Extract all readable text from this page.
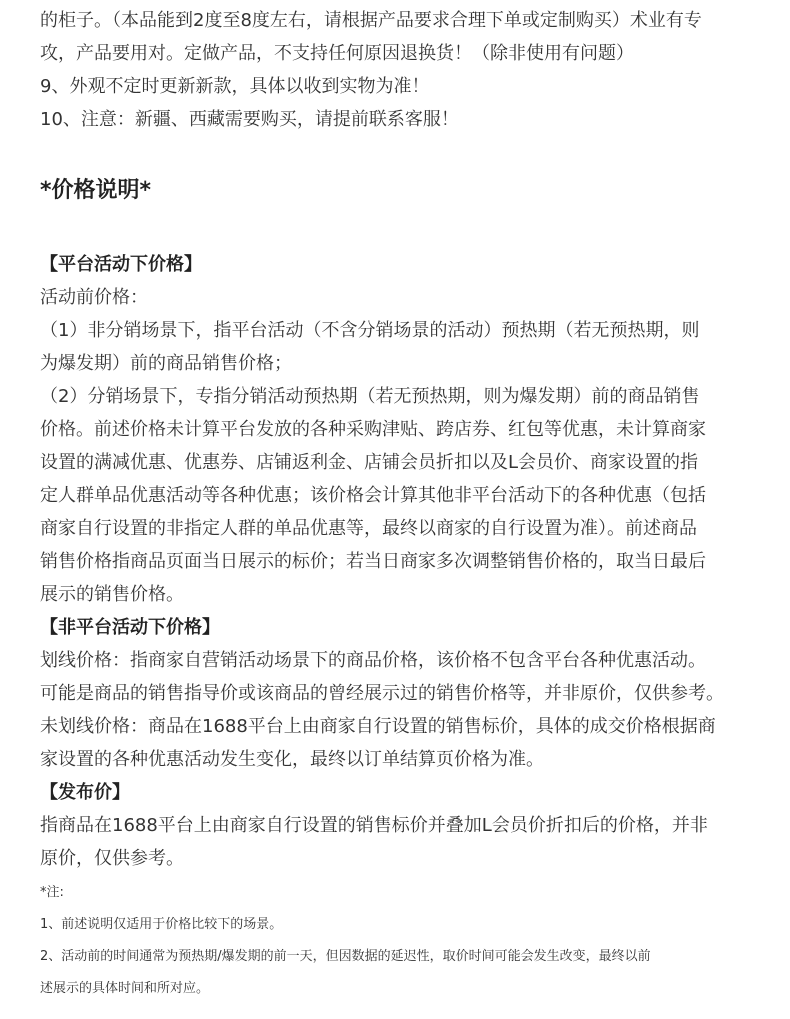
的柜子。（本品能到2度至8度左右，请根据产品要求合理下单或定制购买）术业有专
攻，产品要用对。定做产品，不支持任何原因退换货！（除非使用有问题）
9、外观不定时更新新款，具体以收到实物为准！
10、注意：新疆、西藏需要购买，请提前联系客服！
*价格说明*
【平台活动下价格】
活动前价格：
（1）非分销场景下，指平台活动（不含分销场景的活动）预热期（若无预热期，则
为爆发期）前的商品销售价格；
（2）分销场景下，专指分销活动预热期（若无预热期，则为爆发期）前的商品销售
价格。前述价格未计算平台发放的各种采购津贴、跨店券、红包等优惠，未计算商家
设置的满减优惠、优惠券、店铺返利金、店铺会员折扣以及L会员价、商家设置的指
定人群单品优惠活动等各种优惠；该价格会计算其他非平台活动下的各种优惠（包括
商家自行设置的非指定人群的单品优惠等，最终以商家的自行设置为准）。前述商品
销售价格指商品页面当日展示的标价；若当日商家多次调整销售价格的，取当日最后
展示的销售价格。
【非平台活动下价格】
划线价格：指商家自营销活动场景下的商品价格，该价格不包含平台各种优惠活动。
可能是商品的销售指导价或该商品的曾经展示过的销售价格等，并非原价，仅供参考。
未划线价格：商品在1688平台上由商家自行设置的销售标价，具体的成交价格根据商
家设置的各种优惠活动发生变化，最终以订单结算页价格为准。
【发布价】
指商品在1688平台上由商家自行设置的销售标价并叠加L会员价折扣后的价格，并非
原价，仅供参考。
*注:
1、前述说明仅适用于价格比较下的场景。
2、活动前的时间通常为预热期/爆发期的前一天，但因数据的延迟性，取价时间可能会发生改变，最终以前
述展示的具体时间和所对应。
